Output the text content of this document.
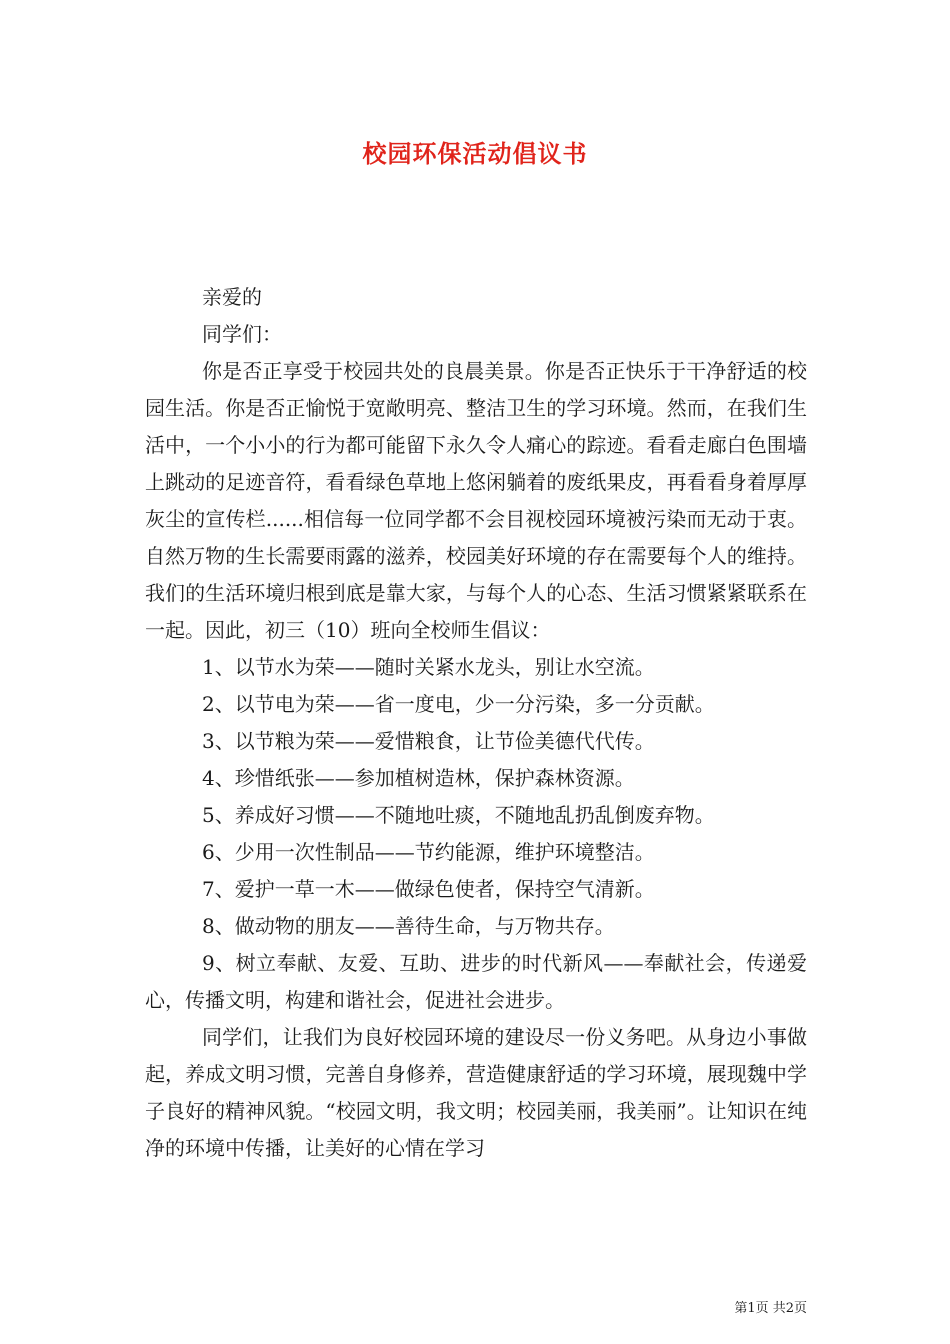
校园环保活动倡议书

亲爱的

同学们：

你是否正享受于校园共处的良晨美景。你是否正快乐于干净舒适的校园生活。你是否正愉悦于宽敞明亮、整洁卫生的学习环境。然而，在我们生活中，一个小小的行为都可能留下永久令人痛心的踪迹。看看走廊白色围墙上跳动的足迹音符，看看绿色草地上悠闲躺着的废纸果皮，再看看身着厚厚灰尘的宣传栏......相信每一位同学都不会目视校园环境被污染而无动于衷。自然万物的生长需要雨露的滋养，校园美好环境的存在需要每个人的维持。我们的生活环境归根到底是靠大家，与每个人的心态、生活习惯紧紧联系在一起。因此，初三（10）班向全校师生倡议：

1、以节水为荣——随时关紧水龙头，别让水空流。

2、以节电为荣——省一度电，少一分污染，多一分贡献。

3、以节粮为荣——爱惜粮食，让节俭美德代代传。

4、珍惜纸张——参加植树造林，保护森林资源。

5、养成好习惯——不随地吐痰，不随地乱扔乱倒废弃物。

6、少用一次性制品——节约能源，维护环境整洁。

7、爱护一草一木——做绿色使者，保持空气清新。

8、做动物的朋友——善待生命，与万物共存。

9、树立奉献、友爱、互助、进步的时代新风——奉献社会，传递爱心，传播文明，构建和谐社会，促进社会进步。

同学们，让我们为良好校园环境的建设尽一份义务吧。从身边小事做起，养成文明习惯，完善自身修养，营造健康舒适的学习环境，展现魏中学子良好的精神风貌。“校园文明，我文明；校园美丽，我美丽”。让知识在纯净的环境中传播，让美好的心情在学习

第1页 共2页
